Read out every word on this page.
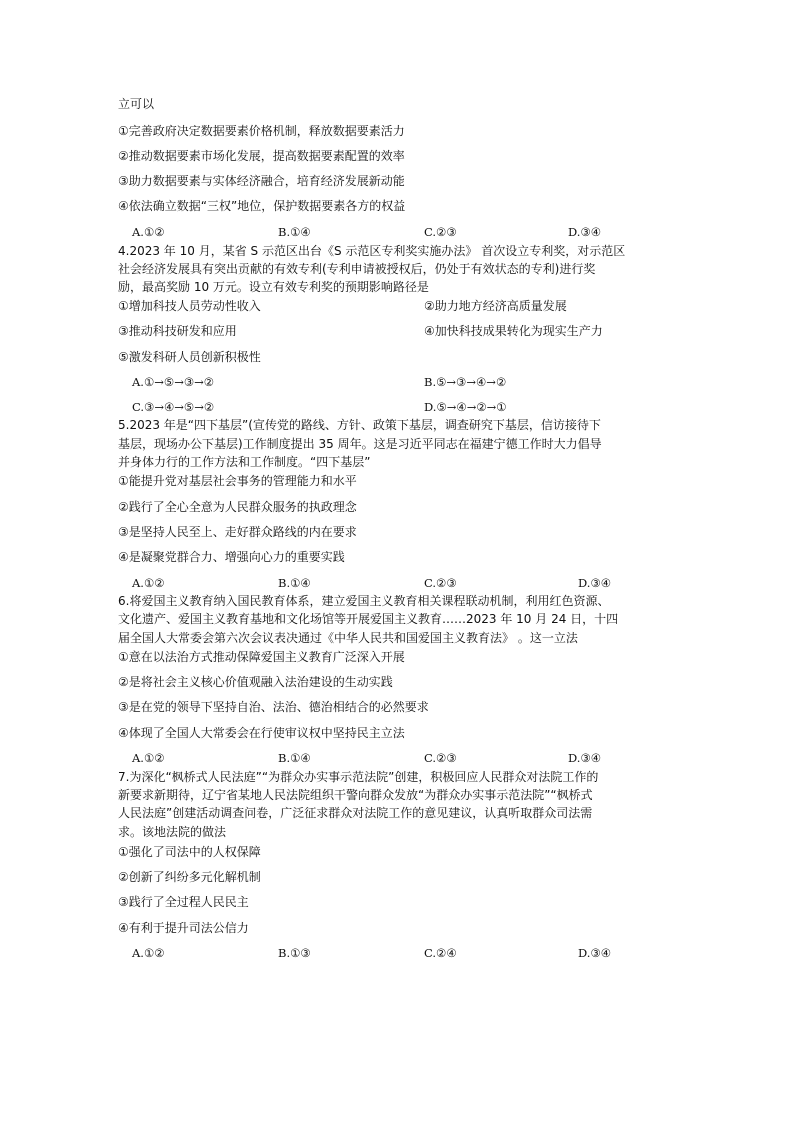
立可以
①完善政府决定数据要素价格机制，释放数据要素活力
②推动数据要素市场化发展，提高数据要素配置的效率
③助力数据要素与实体经济融合，培育经济发展新动能
④依法确立数据“三权”地位，保护数据要素各方的权益
A.①②	B.①④	C.②③	D.③④
4.2023 年 10 月，某省 S 示范区出台《S 示范区专利奖实施办法》 首次设立专利奖，对示范区
社会经济发展具有突出贡献的有效专利(专利申请被授权后，仍处于有效状态的专利)进行奖
励，最高奖励 10 万元。设立有效专利奖的预期影响路径是
①增加科技人员劳动性收入	②助力地方经济高质量发展
③推动科技研发和应用	④加快科技成果转化为现实生产力
⑤激发科研人员创新积极性
A.①→⑤→③→②	B.⑤→③→④→②
C.③→④→⑤→②	D.⑤→④→②→①
5.2023 年是“四下基层”(宣传党的路线、方针、政策下基层，调查研究下基层，信访接待下
基层，现场办公下基层)工作制度提出 35 周年。这是习近平同志在福建宁德工作时大力倡导
并身体力行的工作方法和工作制度。“四下基层”
①能提升党对基层社会事务的管理能力和水平
②践行了全心全意为人民群众服务的执政理念
③是坚持人民至上、走好群众路线的内在要求
④是凝聚党群合力、增强向心力的重要实践
A.①②	B.①④	C.②③	D.③④
6.将爱国主义教育纳入国民教育体系，建立爱国主义教育相关课程联动机制，利用红色资源、
文化遗产、爱国主义教育基地和文化场馆等开展爱国主义教育……2023 年 10 月 24 日，十四
届全国人大常委会第六次会议表决通过《中华人民共和国爱国主义教育法》 。这一立法
①意在以法治方式推动保障爱国主义教育广泛深入开展
②是将社会主义核心价值观融入法治建设的生动实践
③是在党的领导下坚持自治、法治、德治相结合的必然要求
④体现了全国人大常委会在行使审议权中坚持民主立法
A.①②	B.①④	C.②③	D.③④
7.为深化“枫桥式人民法庭”“为群众办实事示范法院”创建，积极回应人民群众对法院工作的
新要求新期待，辽宁省某地人民法院组织干警向群众发放“为群众办实事示范法院”“枫桥式
人民法庭”创建活动调查问卷，广泛征求群众对法院工作的意见建议，认真听取群众司法需
求。该地法院的做法
①强化了司法中的人权保障
②创新了纠纷多元化解机制
③践行了全过程人民民主
④有利于提升司法公信力
A.①②	B.①③	C.②④	D.③④
